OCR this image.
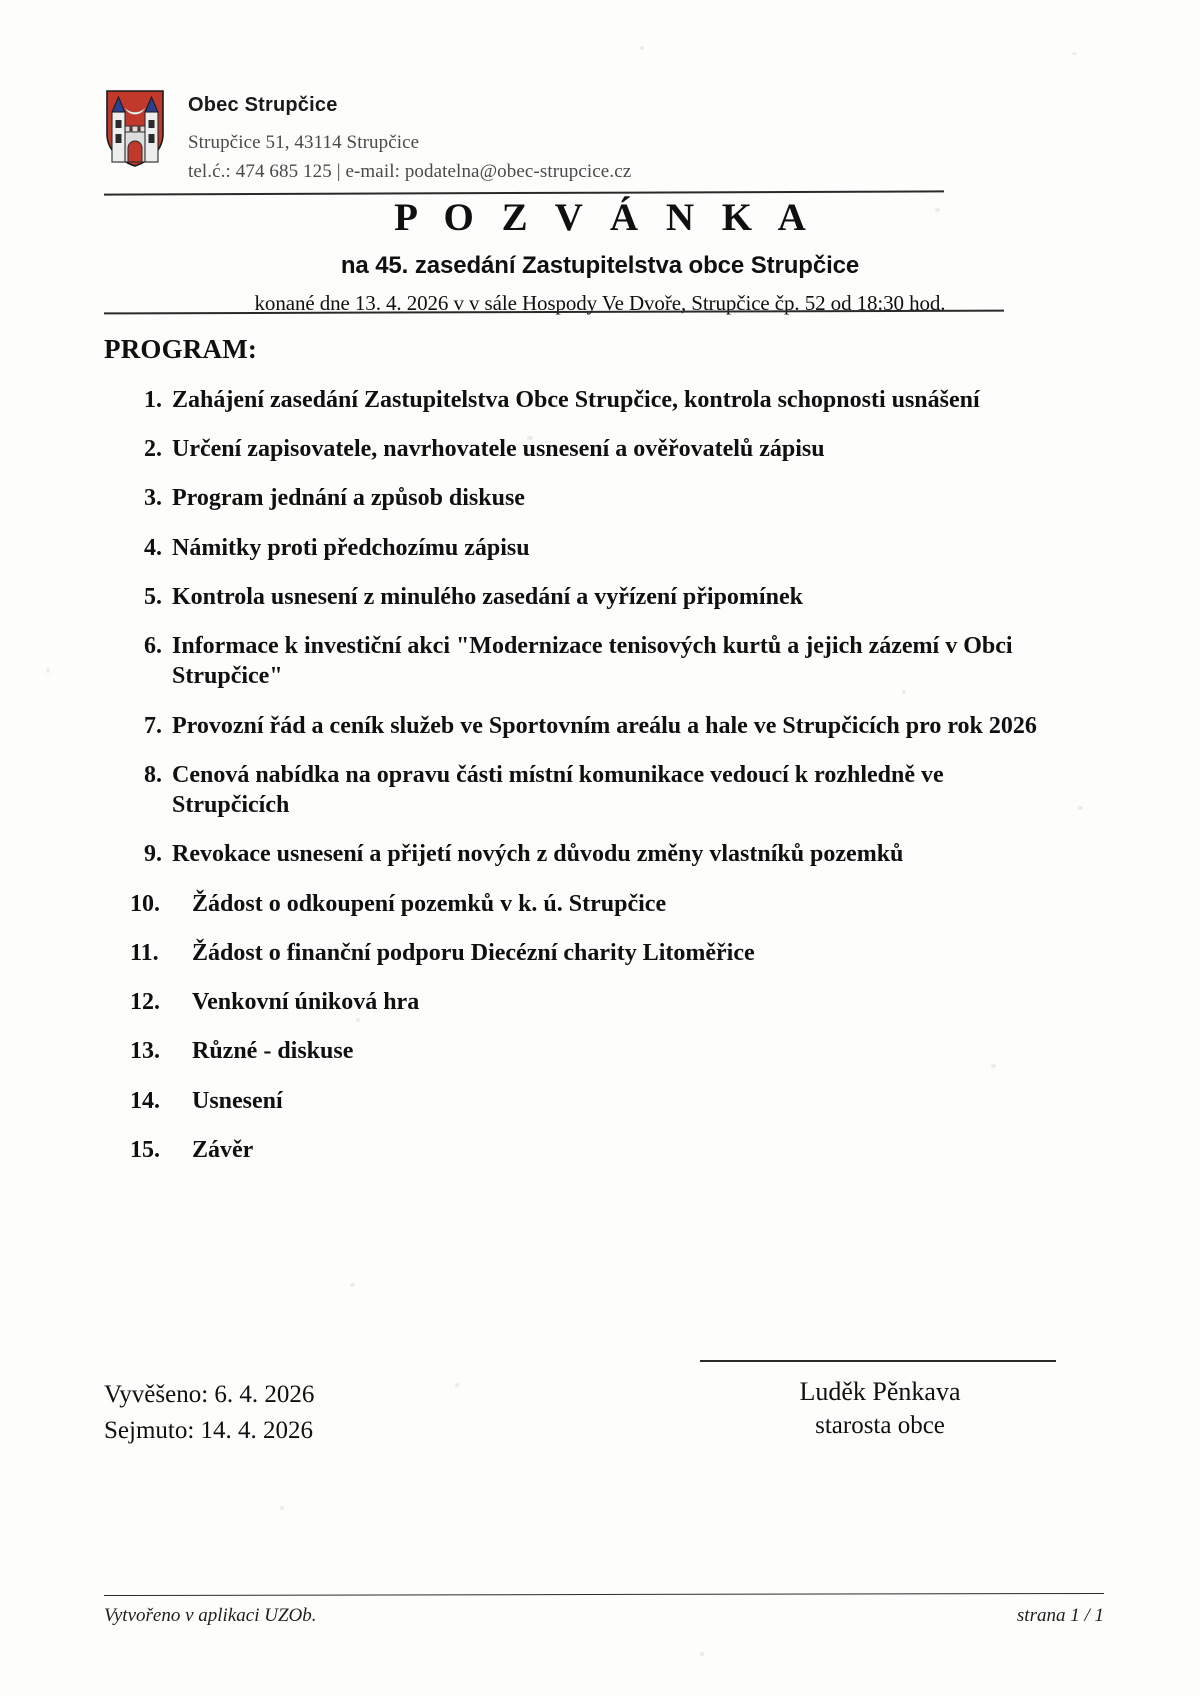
Obec Strupčice
Strupčice 51, 43114 Strupčice
tel.ć.: 474 685 125 | e-mail: podatelna@obec-strupcice.cz
P O Z V Á N K A
na 45. zasedání Zastupitelstva obce Strupčice
konané dne 13. 4. 2026 v v sále Hospody Ve Dvoře, Strupčice čp. 52 od 18:30 hod.
PROGRAM:
1. Zahájení zasedání Zastupitelstva Obce Strupčice, kontrola schopnosti usnášení
2. Určení zapisovatele, navrhovatele usnesení a ověřovatelů zápisu
3. Program jednání a způsob diskuse
4. Námitky proti předchozímu zápisu
5. Kontrola usnesení z minulého zasedání a vyřízení připomínek
6. Informace k investiční akci "Modernizace tenisových kurtů a jejich zázemí v Obci Strupčice"
7. Provozní řád a ceník služeb ve Sportovním areálu a hale ve Strupčicích pro rok 2026
8. Cenová nabídka na opravu části místní komunikace vedoucí k rozhledně ve Strupčicích
9. Revokace usnesení a přijetí nových z důvodu změny vlastníků pozemků
10.	Žádost o odkoupení pozemků v k. ú. Strupčice
11.	Žádost o finanční podporu Diecézní charity Litoměřice
12.	Venkovní úniková hra
13.	Různé - diskuse
14.	Usnesení
15.	Závěr
Vyvěšeno: 6. 4. 2026
Sejmuto: 14. 4. 2026
Luděk Pěnkava
starosta obce
Vytvořeno v aplikaci UZOb.	strana 1 / 1
